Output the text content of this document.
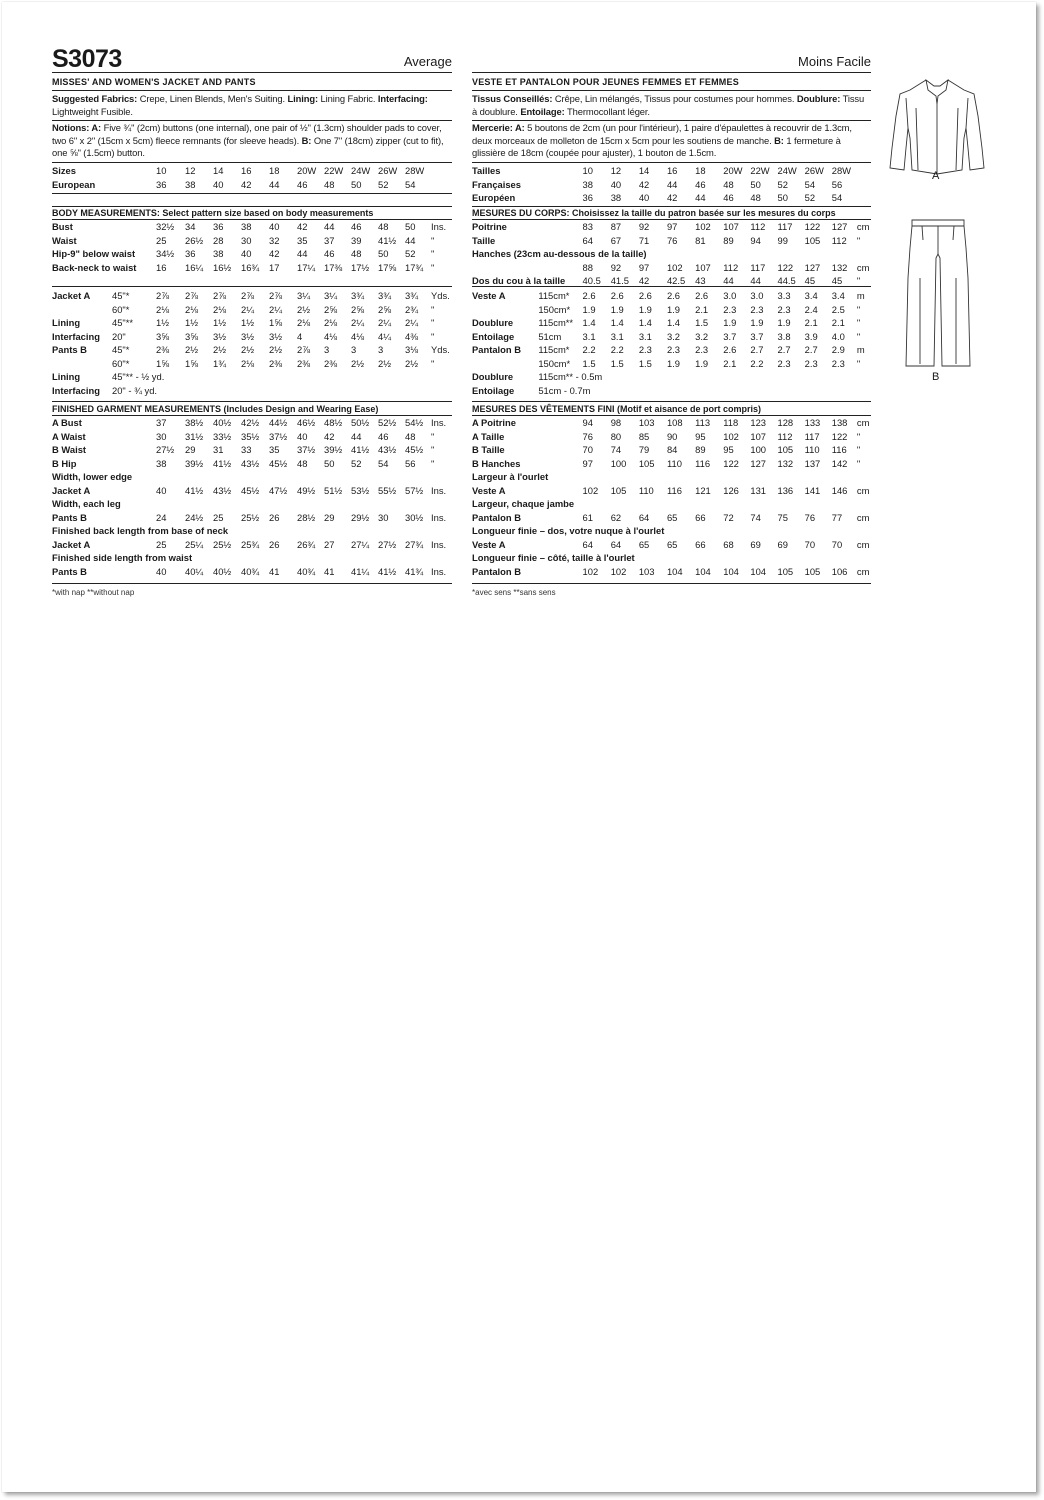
S3073	Average	Moins Facile
MISSES' AND WOMEN'S JACKET AND PANTS
Suggested Fabrics: Crepe, Linen Blends, Men's Suiting. Lining: Lining Fabric. Interfacing: Lightweight Fusible.
Notions: A: Five ¾" (2cm) buttons (one internal), one pair of ½" (1.3cm) shoulder pads to cover, two 6" x 2" (15cm x 5cm) fleece remnants (for sleeve heads). B: One 7" (18cm) zipper (cut to fit), one ⅝" (1.5cm) button.
Sizes		10	12	14	16	18	20W	22W	24W	26W	28W	
European		36	38	40	42	44	46	48	50	52	54	
BODY MEASUREMENTS: Select pattern size based on body measurements
Bust		32½	34	36	38	40	42	44	46	48	50	Ins.
Waist		25	26½	28	30	32	35	37	39	41½	44	"
Hip-9" below waist		34½	36	38	40	42	44	46	48	50	52	"
Back-neck to waist		16	16¼	16½	16¾	17	17¼	17⅜	17½	17⅝	17¾	"
Jacket A	45"*	2⅞	2⅞	2⅞	2⅞	2⅞	3¼	3¼	3¾	3¾	3¾	Yds.
	60"*	2⅛	2⅛	2⅛	2¼	2¼	2½	2⅝	2⅝	2⅝	2¾	"
Lining	45"**	1½	1½	1½	1½	1⅝	2⅛	2⅛	2¼	2¼	2¼	"
Interfacing	20"	3⅝	3⅝	3½	3½	3½	4	4⅛	4⅛	4¼	4⅜	"
Pants B	45"*	2⅜	2½	2½	2½	2½	2⅞	3	3	3	3⅛	Yds.
	60"*	1⅝	1⅝	1¾	2⅛	2⅜	2⅜	2⅜	2½	2½	2½	"
Lining	45"** - ½ yd.											
Interfacing	20" - ¾ yd.											
FINISHED GARMENT MEASUREMENTS (Includes Design and Wearing Ease)
A Bust		37	38½	40½	42½	44½	46½	48½	50½	52½	54½	Ins.
A Waist		30	31½	33½	35½	37½	40	42	44	46	48	"
B Waist		27½	29	31	33	35	37½	39½	41½	43½	45½	"
B Hip		38	39½	41½	43½	45½	48	50	52	54	56	"
Width, lower edge												
Jacket A		40	41½	43½	45½	47½	49½	51½	53½	55½	57½	Ins.
Width, each leg												
Pants B		24	24½	25	25½	26	28½	29	29½	30	30½	Ins.
Finished back length from base of neck												
Jacket A		25	25¼	25½	25¾	26	26¾	27	27¼	27½	27¾	Ins.
Finished side length from waist												
Pants B		40	40¼	40½	40¾	41	40¾	41	41¼	41½	41¾	Ins.
*with nap **without nap
VESTE ET PANTALON POUR JEUNES FEMMES ET FEMMES
Tissus Conseillés: Crêpe, Lin mélangés, Tissus pour costumes pour hommes. Doublure: Tissu à doublure. Entoilage: Thermocollant léger.
Mercerie: A: 5 boutons de 2cm (un pour l'intérieur), 1 paire d'épaulettes à recouvrir de 1.3cm, deux morceaux de molleton de 15cm x 5cm pour les soutiens de manche. B: 1 fermeture à glissière de 18cm (coupée pour ajuster), 1 bouton de 1.5cm.
Tailles		10	12	14	16	18	20W	22W	24W	26W	28W	
Françaises		38	40	42	44	46	48	50	52	54	56	
Européen		36	38	40	42	44	46	48	50	52	54	
MESURES DU CORPS: Choisissez la taille du patron basée sur les mesures du corps
Poitrine		83	87	92	97	102	107	112	117	122	127	cm
Taille		64	67	71	76	81	89	94	99	105	112	"
Hanches (23cm au-dessous de la taille)												
		88	92	97	102	107	112	117	122	127	132	cm
Dos du cou à la taille		40.5	41.5	42	42.5	43	44	44	44.5	45	45	"
Veste A	115cm*	2.6	2.6	2.6	2.6	2.6	3.0	3.0	3.3	3.4	3.4	m
	150cm*	1.9	1.9	1.9	1.9	2.1	2.3	2.3	2.3	2.4	2.5	"
Doublure	115cm**	1.4	1.4	1.4	1.4	1.5	1.9	1.9	1.9	2.1	2.1	"
Entoilage	51cm	3.1	3.1	3.1	3.2	3.2	3.7	3.7	3.8	3.9	4.0	"
Pantalon B	115cm*	2.2	2.2	2.3	2.3	2.3	2.6	2.7	2.7	2.7	2.9	m
	150cm*	1.5	1.5	1.5	1.9	1.9	2.1	2.2	2.3	2.3	2.3	"
Doublure	115cm** - 0.5m											
Entoilage	51cm - 0.7m											
MESURES DES VÊTEMENTS FINI (Motif et aisance de port compris)
A Poitrine		94	98	103	108	113	118	123	128	133	138	cm
A Taille		76	80	85	90	95	102	107	112	117	122	"
B Taille		70	74	79	84	89	95	100	105	110	116	"
B Hanches		97	100	105	110	116	122	127	132	137	142	"
Largeur à l'ourlet												
Veste A		102	105	110	116	121	126	131	136	141	146	cm
Largeur, chaque jambe												
Pantalon B		61	62	64	65	66	72	74	75	76	77	cm
Longueur finie – dos, votre nuque à l'ourlet												
Veste A		64	64	65	65	66	68	69	69	70	70	cm
Longueur finie – côté, taille à l'ourlet												
Pantalon B		102	102	103	104	104	104	104	105	105	106	cm
*avec sens **sans sens
A
B
